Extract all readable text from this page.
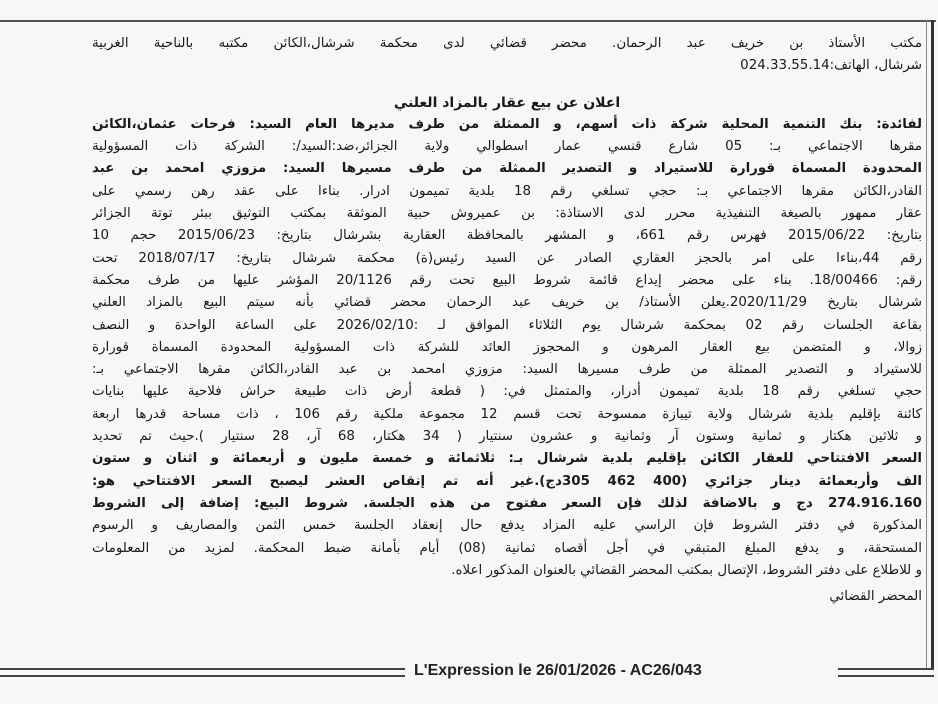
مكتب الأستاذ بن خريف عبد الرحمان. محضر قضائي لدى محكمة شرشال،الكائن مكتبه بالناحية الغربية
شرشال، الهاتف:024.33.55.14
اعلان عن بيع عقار بالمزاد العلني
لفائدة: بنك التنمية المحلية شركة ذات أسهم، و الممثلة من طرف مديرها العام السيد: فرحات عثمان،الكائن
مقرها الاجتماعي بـ: 05 شارع قنسي عمار اسطوالي ولاية الجزائر،ضد:السيد/: الشركة ذات المسؤولية
المحدودة المسماة قورارة للاستيراد و التصدير الممثلة من طرف مسيرها السيد: مزوزي امحمد بن عبد
القادر،الكائن مقرها الاجتماعي بـ: حجي تسلغي رقم 18 بلدية تميمون ادرار. بناءا على عقد رهن رسمي على
عقار ممهور بالصيغة التنفيذية محرر لدى الاستاذة: بن عميروش حبية الموثقة بمكتب التوثيق ببئر توتة الجزائر
بتاريخ: 2015/06/22 فهرس رقم 661، و المشهر بالمحافظة العقارية بشرشال بتاريخ: 2015/06/23 حجم 10
رقم 44،بناءا على امر بالحجز العقاري الصادر عن السيد رئيس(ة) محكمة شرشال بتاريخ: 2018/07/17 تحت
رقم: 18/00466. بناء على محضر إيداع قائمة شروط البيع تحت رقم 20/1126 المؤشر عليها من طرف محكمة
شرشال بتاريخ 2020/11/29.يعلن الأستاذ/ بن خريف عبد الرحمان محضر قضائي بأنه سيتم البيع بالمزاد العلني
بقاعة الجلسات رقم 02 بمحكمة شرشال يوم الثلاثاء الموافق لـ :2026/02/10 على الساعة الواحدة و النصف
زوالا، و المتضمن بيع العقار المرهون و المحجوز العائد للشركة ذات المسؤولية المحدودة المسماة قورارة
للاستيراد و التصدير الممثلة من طرف مسيرها السيد: مزوزي امحمد بن عبد القادر،الكائن مقرها الاجتماعي بـ:
حجي تسلغي رقم 18 بلدية تميمون أدرار، والمتمثل في: ( قطعة أرض ذات طبيعة حراش فلاحية عليها بنايات
كائنة بإقليم بلدية شرشال ولاية تيبازة ممسوحة تحت قسم 12 مجموعة ملكية رقم 106 ، ذات مساحة قدرها اربعة
و ثلاثين هكتار و ثمانية وستون آر وثمانية و عشرون سنتيار ( 34 هكتار، 68 آر، 28 سنتيار ).حيث تم تحديد
السعر الافتتاحي للعقار الكائن بإقليم بلدية شرشال بـ: ثلاثمائة و خمسة مليون و أربعمائة و اثنان و ستون
الف وأربعمائة دينار جزائري (400 462 305دج).غير أنه تم إنقاص العشر ليصبح السعر الافتتاحي هو:
274.916.160 دج و بالاضافة لذلك فإن السعر مفتوح من هذه الجلسة. شروط البيع: إضافة إلى الشروط
المذكورة في دفتر الشروط فإن الراسي عليه المزاد يدفع حال إنعقاد الجلسة خمس الثمن والمصاريف و الرسوم
المستحقة، و يدفع المبلغ المتبقي في أجل أقصاه ثمانية (08) أيام بأمانة ضبط المحكمة. لمزيد من المعلومات
و للاطلاع على دفتر الشروط، الإتصال بمكتب المحضر القضائي بالعنوان المذكور اعلاه.
المحضر القضائي
L'Expression le 26/01/2026 - AC26/043
